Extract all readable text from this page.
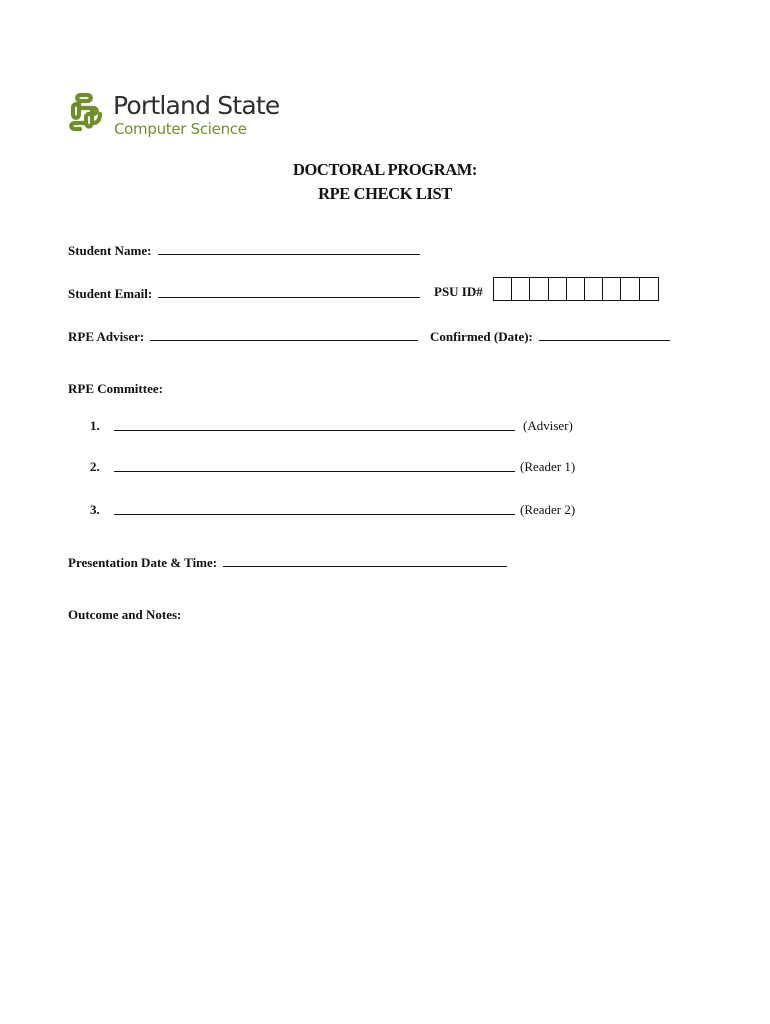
Portland State
Computer Science
DOCTORAL PROGRAM:
RPE CHECK LIST
Student Name:
Student Email:	PSU ID#
RPE Adviser:	Confirmed (Date):
RPE Committee:
1.	(Adviser)
2.	(Reader 1)
3.	(Reader 2)
Presentation Date & Time:
Outcome and Notes:
